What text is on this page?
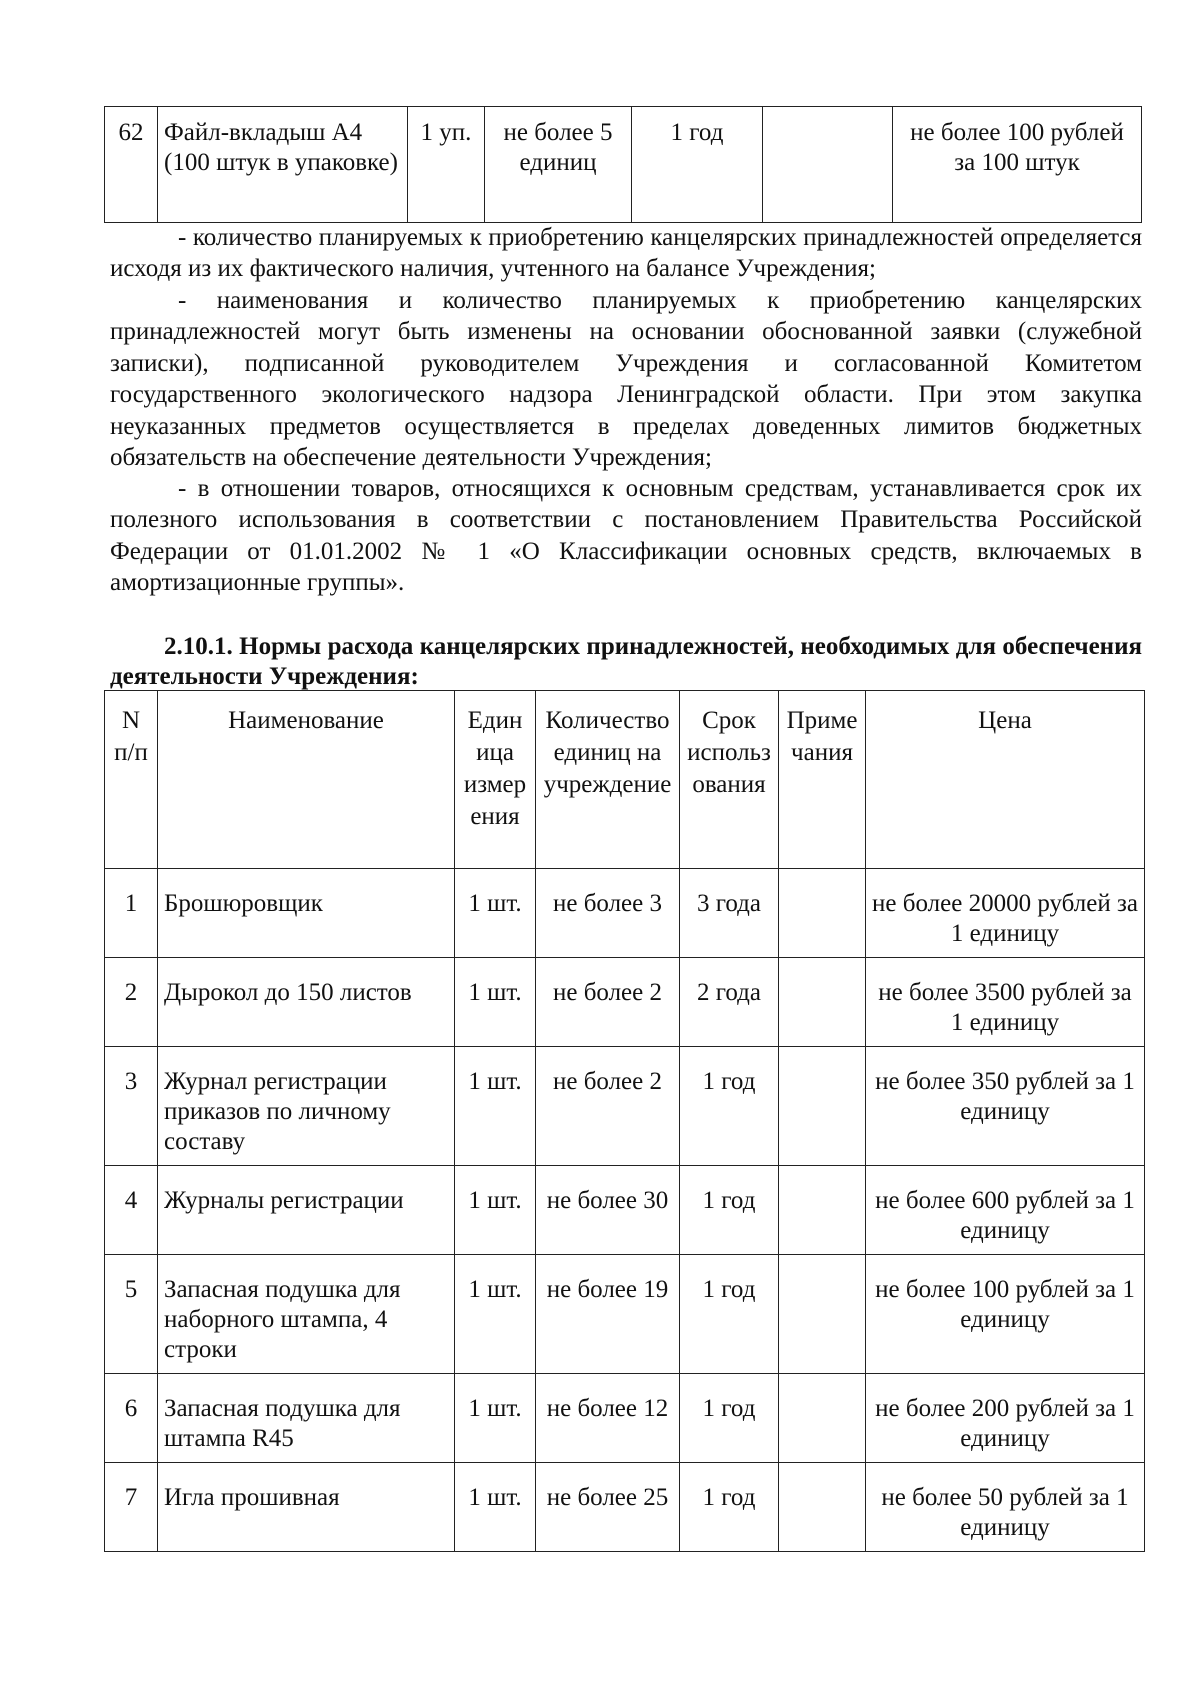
62	Файл-вкладыш А4 (100 штук в упаковке)	1 уп.	не более 5 единиц	1 год		не более 100 рублей за 100 штук

- количество планируемых к приобретению канцелярских принадлежностей определяется исходя из их фактического наличия, учтенного на балансе Учреждения;

- наименования и количество планируемых к приобретению канцелярских принадлежностей могут быть изменены на основании обоснованной заявки (служебной записки), подписанной руководителем Учреждения и согласованной Комитетом государственного экологического надзора Ленинградской области. При этом закупка неуказанных предметов осуществляется в пределах доведенных лимитов бюджетных обязательств на обеспечение деятельности Учреждения;

- в отношении товаров, относящихся к основным средствам, устанавливается срок их полезного использования в соответствии с постановлением Правительства Российской Федерации от 01.01.2002 № 1 «О Классификации основных средств, включаемых в амортизационные группы».

2.10.1. Нормы расхода канцелярских принадлежностей, необходимых для обеспечения деятельности Учреждения:

N п/п	Наименование	Единица измерения	Количество единиц на учреждение	Срок использования	Примечания	Цена
1	Брошюровщик	1 шт.	не более 3	3 года		не более 20000 рублей за 1 единицу
2	Дырокол до 150 листов	1 шт.	не более 2	2 года		не более 3500 рублей за 1 единицу
3	Журнал регистрации приказов по личному составу	1 шт.	не более 2	1 год		не более 350 рублей за 1 единицу
4	Журналы регистрации	1 шт.	не более 30	1 год		не более 600 рублей за 1 единицу
5	Запасная подушка для наборного штампа, 4 строки	1 шт.	не более 19	1 год		не более 100 рублей за 1 единицу
6	Запасная подушка для штампа R45	1 шт.	не более 12	1 год		не более 200 рублей за 1 единицу
7	Игла прошивная	1 шт.	не более 25	1 год		не более 50 рублей за 1 единицу
